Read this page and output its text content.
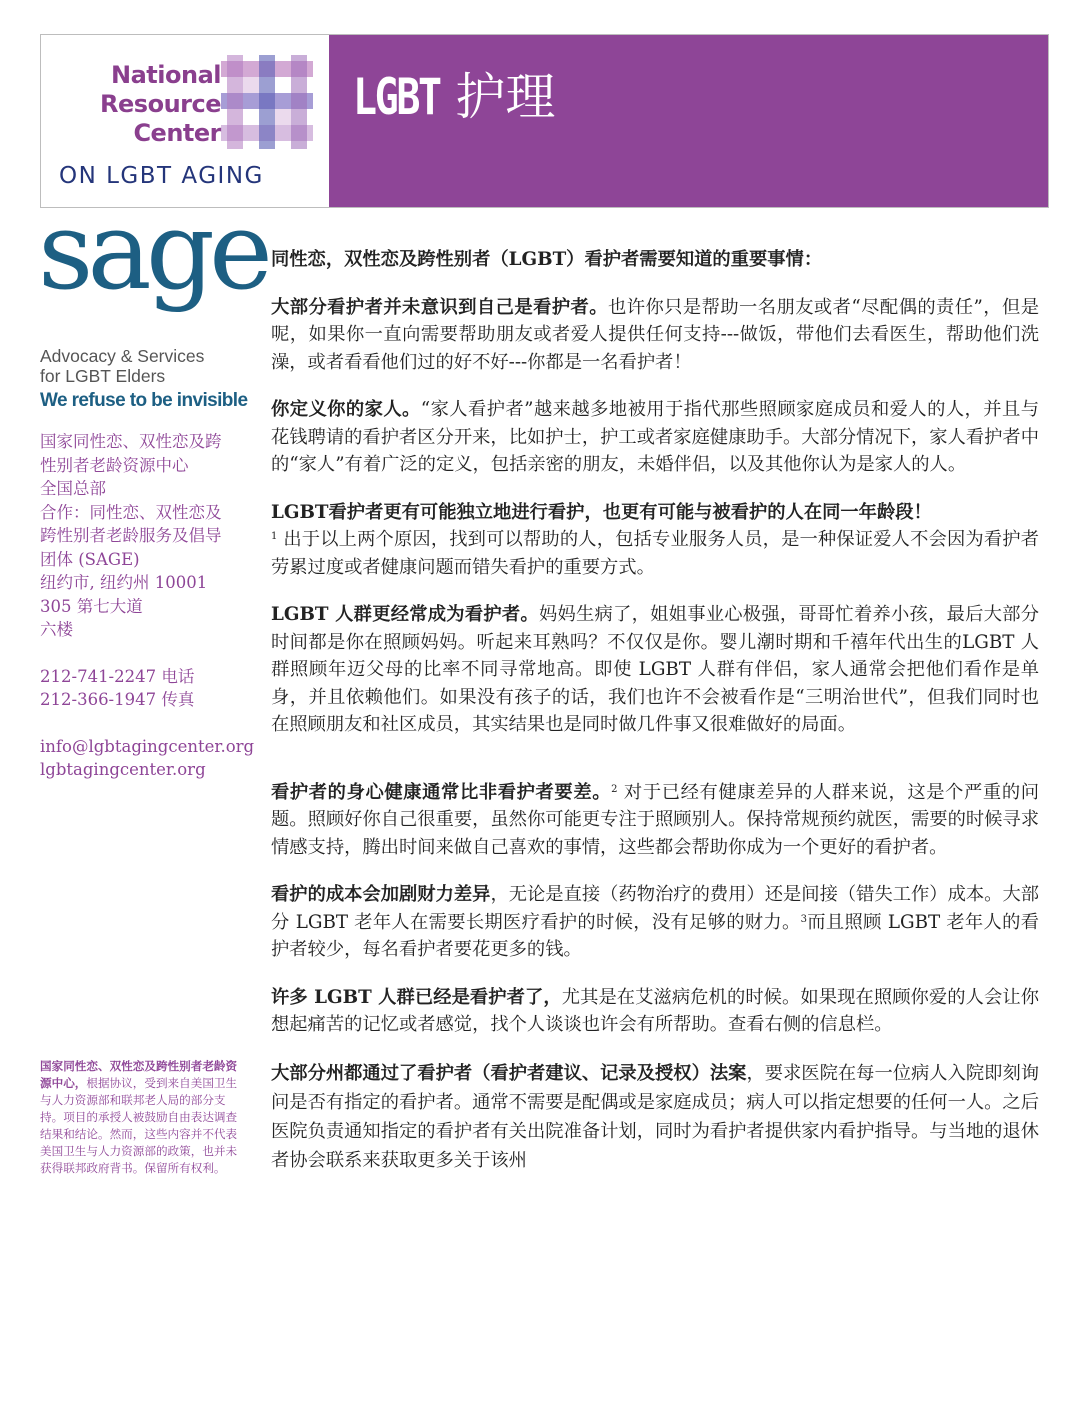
National
Resource
Center
ON LGBT AGING
LGBT 护理
sage
Advocacy & Services
for LGBT Elders
We refuse to be invisible
国家同性恋、双性恋及跨
性别者老龄资源中心
全国总部
合作：同性恋、双性恋及
跨性别者老龄服务及倡导
团体 (SAGE)
纽约市, 纽约州 10001
305 第七大道
六楼
212-741-2247 电话
212-366-1947 传真
info@lgbtagingcenter.org
lgbtagingcenter.org
国家同性恋、双性恋及跨性别者老龄资源中心，根据协议，受到来自美国卫生与人力资源部和联邦老人局的部分支持。项目的承授人被鼓励自由表达调查结果和结论。然而，这些内容并不代表美国卫生与人力资源部的政策，也并未获得联邦政府背书。保留所有权利。

同性恋，双性恋及跨性别者（LGBT）看护者需要知道的重要事情：

大部分看护者并未意识到自己是看护者。也许你只是帮助一名朋友或者“尽配偶的责任”，但是呢，如果你一直向需要帮助朋友或者爱人提供任何支持---做饭，带他们去看医生，帮助他们洗澡，或者看看他们过的好不好---你都是一名看护者！

你定义你的家人。“家人看护者”越来越多地被用于指代那些照顾家庭成员和爱人的人，并且与花钱聘请的看护者区分开来，比如护士，护工或者家庭健康助手。大部分情况下，家人看护者中的“家人”有着广泛的定义，包括亲密的朋友，未婚伴侣，以及其他你认为是家人的人。

LGBT看护者更有可能独立地进行看护，也更有可能与被看护的人在同一年龄段！
$^1$ 出于以上两个原因，找到可以帮助的人，包括专业服务人员，是一种保证爱人不会因为看护者劳累过度或者健康问题而错失看护的重要方式。

LGBT 人群更经常成为看护者。妈妈生病了，姐姐事业心极强，哥哥忙着养小孩，最后大部分时间都是你在照顾妈妈。听起来耳熟吗？不仅仅是你。婴儿潮时期和千禧年代出生的LGBT 人群照顾年迈父母的比率不同寻常地高。即使 LGBT 人群有伴侣，家人通常会把他们看作是单身，并且依赖他们。如果没有孩子的话，我们也许不会被看作是“三明治世代”，但我们同时也在照顾朋友和社区成员，其实结果也是同时做几件事又很难做好的局面。

看护者的身心健康通常比非看护者要差。$^2$ 对于已经有健康差异的人群来说，这是个严重的问题。照顾好你自己很重要，虽然你可能更专注于照顾别人。保持常规预约就医，需要的时候寻求情感支持，腾出时间来做自己喜欢的事情，这些都会帮助你成为一个更好的看护者。

看护的成本会加剧财力差异，无论是直接（药物治疗的费用）还是间接（错失工作）成本。大部分 LGBT 老年人在需要长期医疗看护的时候，没有足够的财力。$^3$而且照顾 LGBT 老年人的看护者较少，每名看护者要花更多的钱。

许多 LGBT 人群已经是看护者了，尤其是在艾滋病危机的时候。如果现在照顾你爱的人会让你想起痛苦的记忆或者感觉，找个人谈谈也许会有所帮助。查看右侧的信息栏。

大部分州都通过了看护者（看护者建议、记录及授权）法案，要求医院在每一位病人入院即刻询问是否有指定的看护者。通常不需要是配偶或是家庭成员；病人可以指定想要的任何一人。之后医院负责通知指定的看护者有关出院准备计划，同时为看护者提供家内看护指导。与当地的退休者协会联系来获取更多关于该州
